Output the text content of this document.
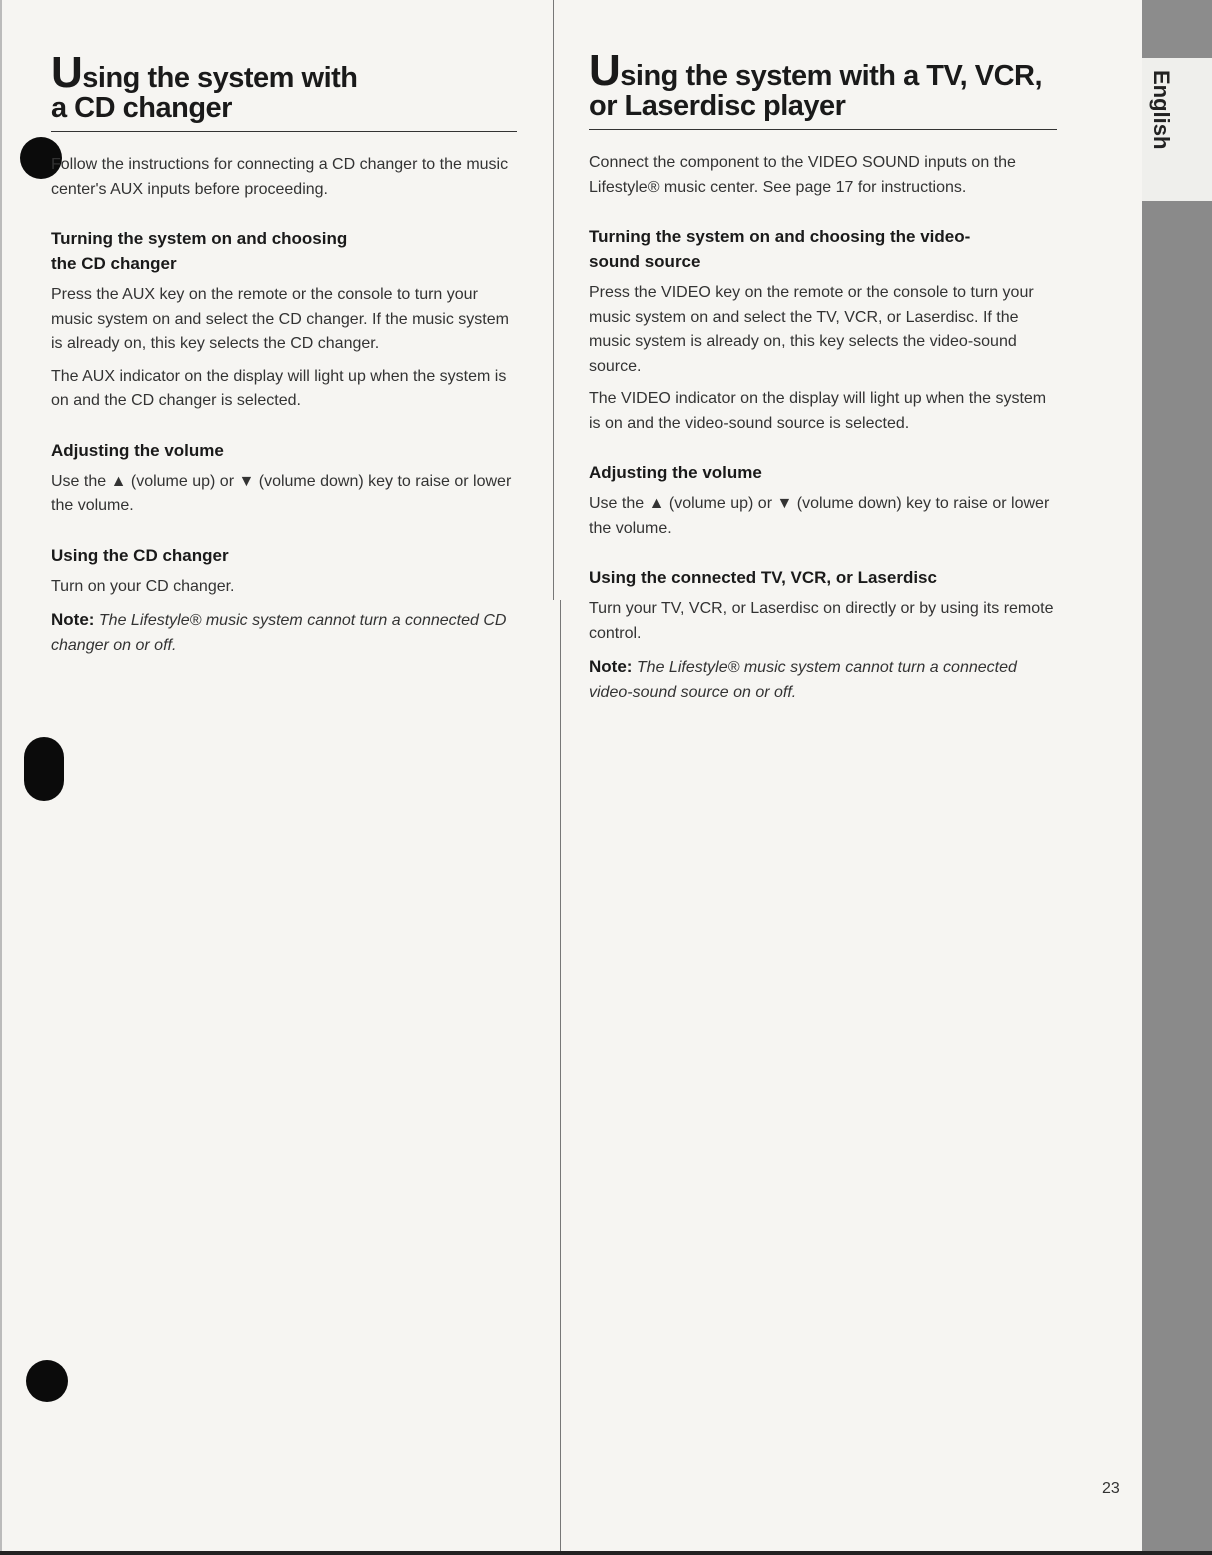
Using the system with
a CD changer

Follow the instructions for connecting a CD changer to the music center's AUX inputs before proceeding.

Turning the system on and choosing
the CD changer

Press the AUX key on the remote or the console to turn your music system on and select the CD changer. If the music system is already on, this key selects the CD changer.

The AUX indicator on the display will light up when the system is on and the CD changer is selected.

Adjusting the volume

Use the ▲ (volume up) or ▼ (volume down) key to raise or lower the volume.

Using the CD changer

Turn on your CD changer.

Note: The Lifestyle® music system cannot turn a connected CD changer on or off.

Using the system with a TV, VCR,
or Laserdisc player

Connect the component to the VIDEO SOUND inputs on the Lifestyle® music center. See page 17 for instructions.

Turning the system on and choosing the video-
sound source

Press the VIDEO key on the remote or the console to turn your music system on and select the TV, VCR, or Laserdisc. If the music system is already on, this key selects the video-sound source.

The VIDEO indicator on the display will light up when the system is on and the video-sound source is selected.

Adjusting the volume

Use the ▲ (volume up) or ▼ (volume down) key to raise or lower the volume.

Using the connected TV, VCR, or Laserdisc

Turn your TV, VCR, or Laserdisc on directly or by using its remote control.

Note: The Lifestyle® music system cannot turn a connected video-sound source on or off.

English
23
